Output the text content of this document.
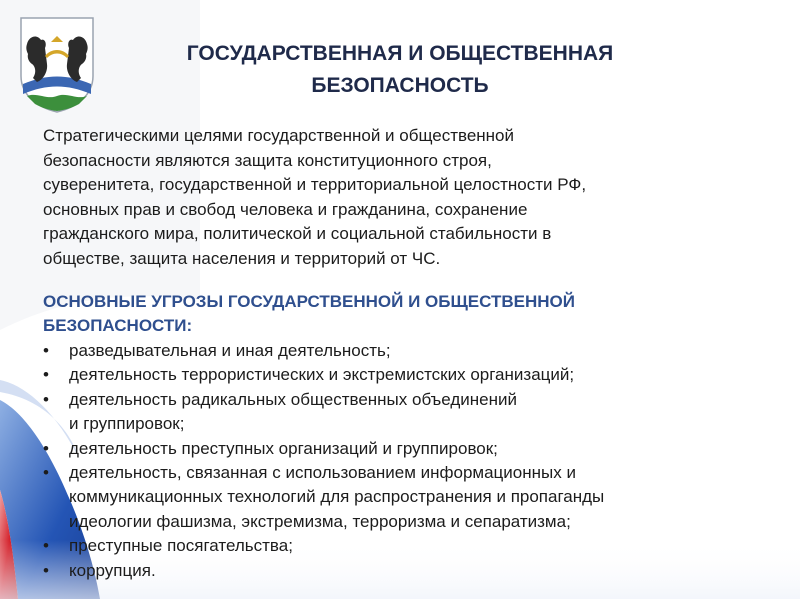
ГОСУДАРСТВЕННАЯ И ОБЩЕСТВЕННАЯ
БЕЗОПАСНОСТЬ
Стратегическими целями государственной и общественной
безопасности являются защита конституционного строя,
суверенитета, государственной и территориальной целостности РФ,
основных прав и свобод человека и гражданина, сохранение
гражданского мира, политической и социальной стабильности в
обществе, защита населения и территорий от ЧС.
ОСНОВНЫЕ УГРОЗЫ ГОСУДАРСТВЕННОЙ И ОБЩЕСТВЕННОЙ
БЕЗОПАСНОСТИ:
• разведывательная и иная деятельность;
• деятельность террористических и экстремистских организаций;
• деятельность радикальных общественных объединений
и группировок;
• деятельность преступных организаций и группировок;
• деятельность, связанная с использованием информационных и
коммуникационных технологий для распространения и пропаганды
идеологии фашизма, экстремизма, терроризма и сепаратизма;
• преступные посягательства;
• коррупция.
